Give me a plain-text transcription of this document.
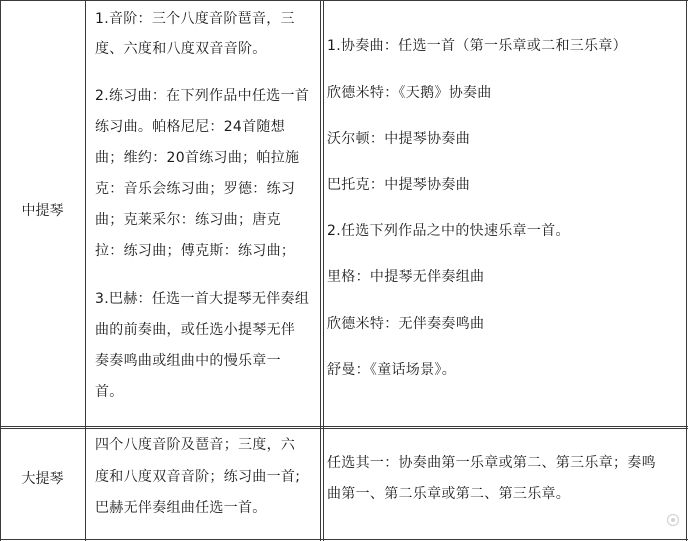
中提琴
1.音阶：三个八度音阶琶音，三
度、六度和八度双音音阶。
2.练习曲：在下列作品中任选一首
练习曲。帕格尼尼：24首随想
曲；维约：20首练习曲；帕拉施
克：音乐会练习曲；罗德：练习
曲；克莱采尔：练习曲；唐克
拉：练习曲；傅克斯：练习曲；
3.巴赫：任选一首大提琴无伴奏组
曲的前奏曲，或任选小提琴无伴
奏奏鸣曲或组曲中的慢乐章一
首。
1.协奏曲：任选一首（第一乐章或二和三乐章）
欣德米特：《天鹅》协奏曲
沃尔顿：中提琴协奏曲
巴托克：中提琴协奏曲
2.任选下列作品之中的快速乐章一首。
里格：中提琴无伴奏组曲
欣德米特：无伴奏奏鸣曲
舒曼：《童话场景》。
大提琴
四个八度音阶及琶音；三度，六
度和八度双音音阶；练习曲一首;
巴赫无伴奏组曲任选一首。
任选其一：协奏曲第一乐章或第二、第三乐章；奏鸣
曲第一、第二乐章或第二、第三乐章。
